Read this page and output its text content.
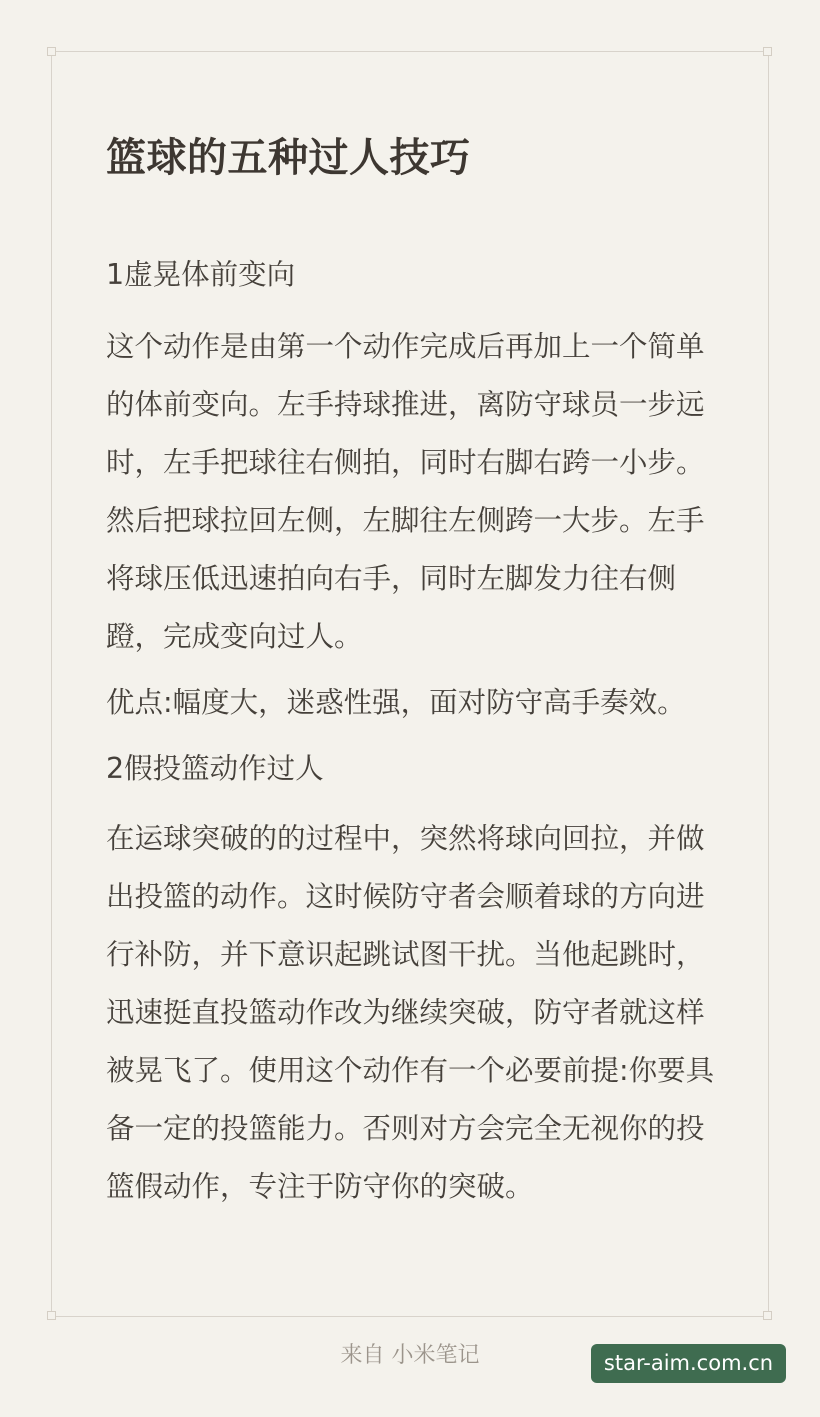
篮球的五种过人技巧

1虚晃体前变向

这个动作是由第一个动作完成后再加上一个简单的体前变向。左手持球推进，离防守球员一步远时，左手把球往右侧拍，同时右脚右跨一小步。然后把球拉回左侧，左脚往左侧跨一大步。左手将球压低迅速拍向右手，同时左脚发力往右侧蹬，完成变向过人。

优点:幅度大，迷惑性强，面对防守高手奏效。

2假投篮动作过人

在运球突破的的过程中，突然将球向回拉，并做出投篮的动作。这时候防守者会顺着球的方向进行补防，并下意识起跳试图干扰。当他起跳时，迅速挺直投篮动作改为继续突破，防守者就这样被晃飞了。使用这个动作有一个必要前提:你要具备一定的投篮能力。否则对方会完全无视你的投篮假动作，专注于防守你的突破。

来自 小米笔记	star-aim.com.cn
